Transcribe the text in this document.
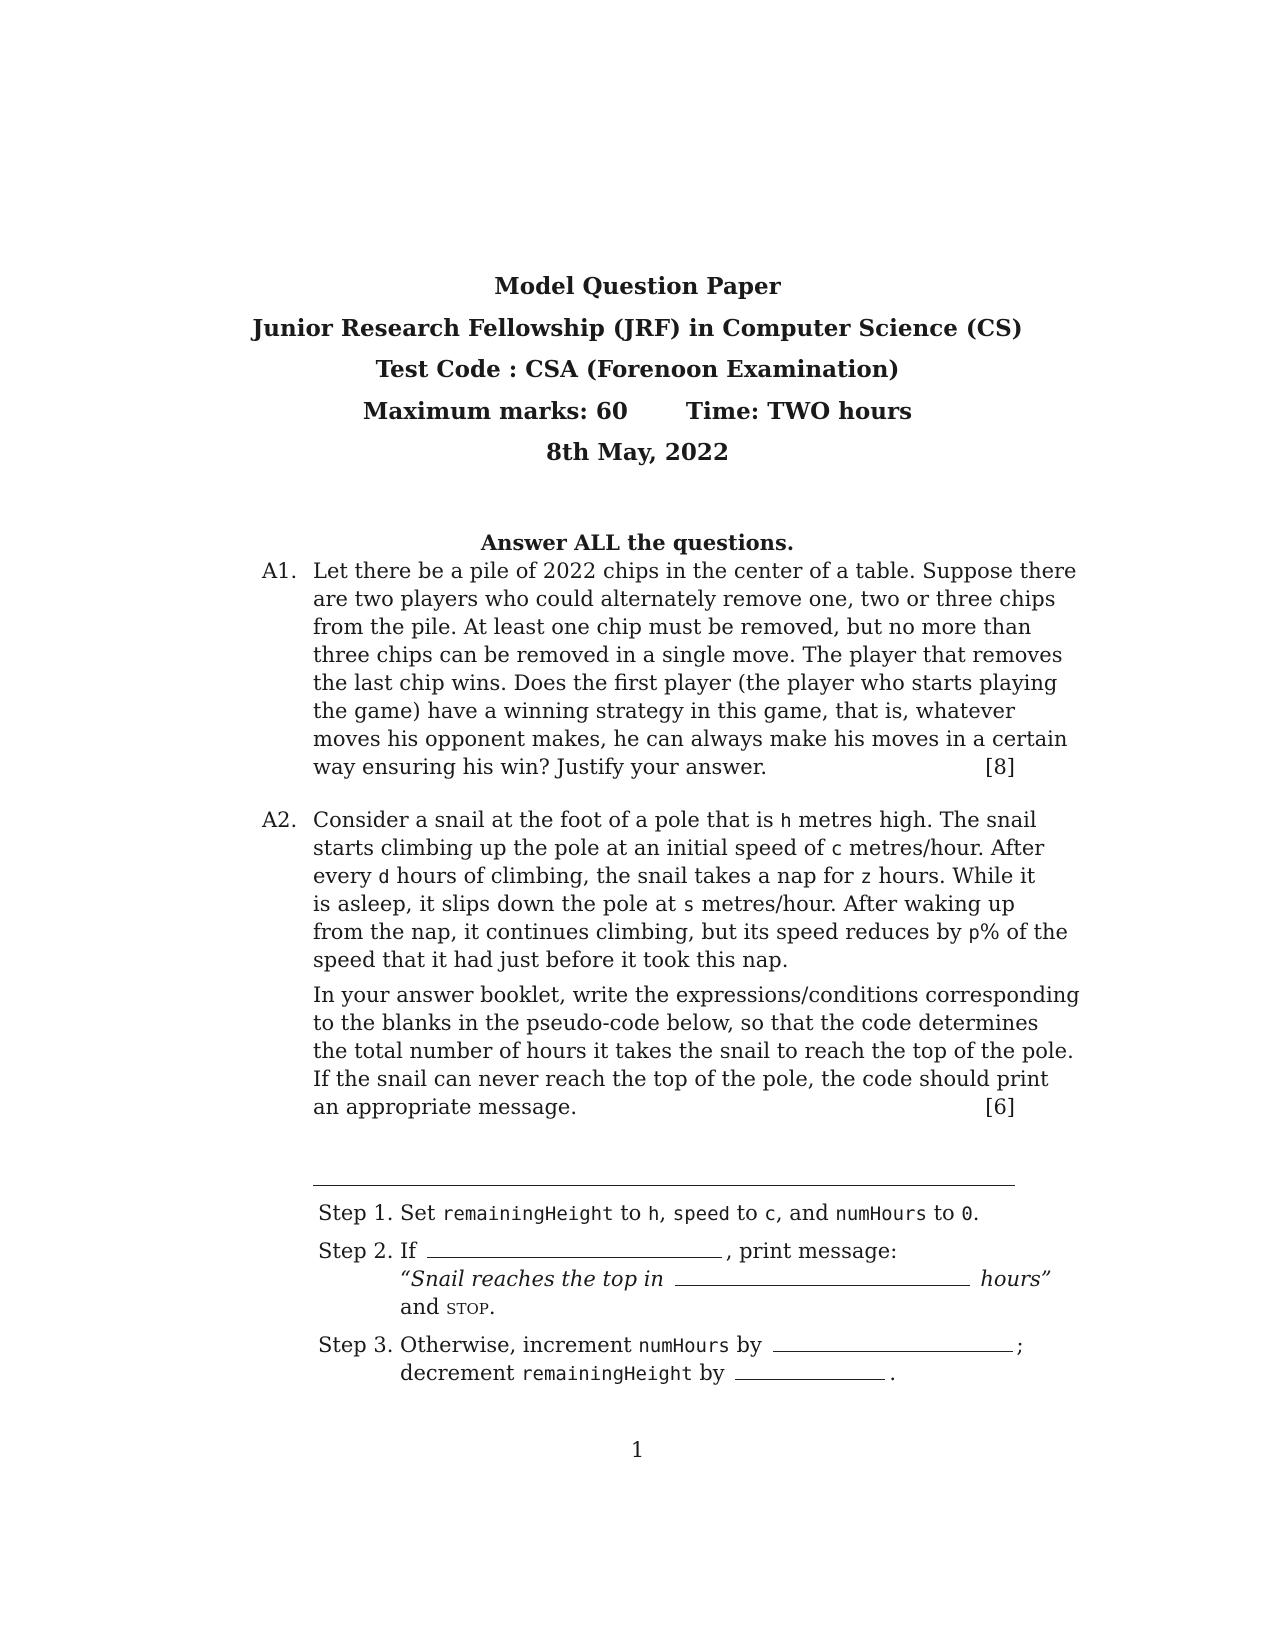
Model Question Paper
Junior Research Fellowship (JRF) in Computer Science (CS)
Test Code : CSA (Forenoon Examination)
Maximum marks: 60	Time: TWO hours
8th May, 2022
Answer ALL the questions.
A1. Let there be a pile of 2022 chips in the center of a table. Suppose there
are two players who could alternately remove one, two or three chips
from the pile. At least one chip must be removed, but no more than
three chips can be removed in a single move. The player that removes
the last chip wins. Does the first player (the player who starts playing
the game) have a winning strategy in this game, that is, whatever
moves his opponent makes, he can always make his moves in a certain
way ensuring his win? Justify your answer.	[8]
A2. Consider a snail at the foot of a pole that is h metres high. The snail
starts climbing up the pole at an initial speed of c metres/hour. After
every d hours of climbing, the snail takes a nap for z hours. While it
is asleep, it slips down the pole at s metres/hour. After waking up
from the nap, it continues climbing, but its speed reduces by p% of the
speed that it had just before it took this nap.
In your answer booklet, write the expressions/conditions corresponding
to the blanks in the pseudo-code below, so that the code determines
the total number of hours it takes the snail to reach the top of the pole.
If the snail can never reach the top of the pole, the code should print
an appropriate message.	[6]
Step 1. Set remainingHeight to h, speed to c, and numHours to 0.
Step 2. If	, print message:
“Snail reaches the top in	hours”
and stop.
Step 3. Otherwise, increment numHours by	;
decrement remainingHeight by	.
1
